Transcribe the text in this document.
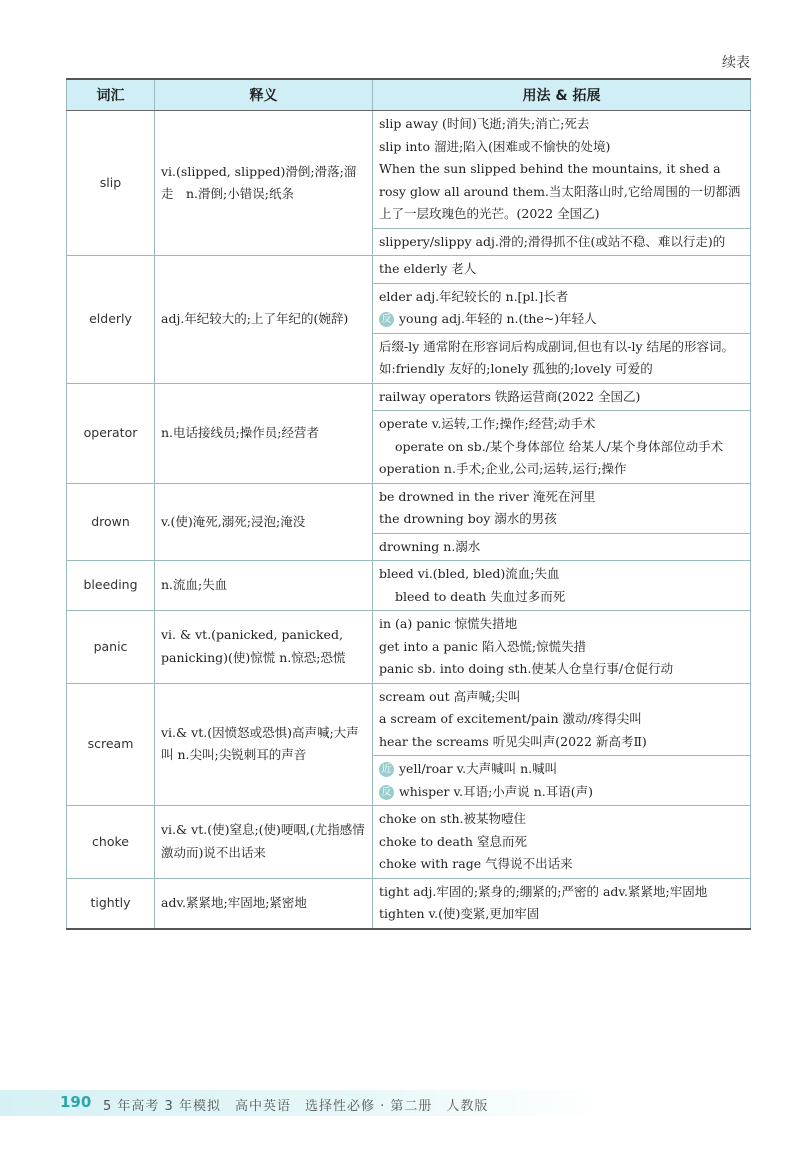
续表
词汇	释义	用法 & 拓展
slip	vi.(slipped, slipped)滑倒;滑落;溜走　n.滑倒;小错误;纸条	slip away (时间)飞逝;消失;消亡;死去
slip into 溜进;陷入(困难或不愉快的处境)
When the sun slipped behind the mountains, it shed a rosy glow all around them.当太阳落山时,它给周围的一切都洒上了一层玫瑰色的光芒。(2022 全国乙)
slippery/slippy adj.滑的;滑得抓不住(或站不稳、难以行走)的

elderly	adj.年纪较大的;上了年纪的(婉辞)	the elderly 老人
elder adj.年纪较长的 n.[pl.]长者
反 young adj.年轻的 n.(the~)年轻人
后缀-ly 通常附在形容词后构成副词,但也有以-ly 结尾的形容词。如:friendly 友好的;lonely 孤独的;lovely 可爱的

operator	n.电话接线员;操作员;经营者	railway operators 铁路运营商(2022 全国乙)
operate v.运转,工作;操作;经营;动手术
operate on sb./某个身体部位 给某人/某个身体部位动手术
operation n.手术;企业,公司;运转,运行;操作

drown	v.(使)淹死,溺死;浸泡;淹没	be drowned in the river 淹死在河里
the drowning boy 溺水的男孩
drowning n.溺水

bleeding	n.流血;失血	bleed vi.(bled, bled)流血;失血
bleed to death 失血过多而死

panic	vi. & vt.(panicked, panicked, panicking)(使)惊慌 n.惊恐;恐慌	in (a) panic 惊慌失措地
get into a panic 陷入恐慌;惊慌失措
panic sb. into doing sth.使某人仓皇行事/仓促行动

scream	vi.& vt.(因愤怒或恐惧)高声喊;大声叫 n.尖叫;尖锐刺耳的声音	scream out 高声喊;尖叫
a scream of excitement/pain 激动/疼得尖叫
hear the screams 听见尖叫声(2022 新高考Ⅱ)
近 yell/roar v.大声喊叫 n.喊叫
反 whisper v.耳语;小声说 n.耳语(声)

choke	vi.& vt.(使)窒息;(使)哽咽,(尤指感情激动而)说不出话来	choke on sth.被某物噎住
choke to death 窒息而死
choke with rage 气得说不出话来

tightly	adv.紧紧地;牢固地;紧密地	tight adj.牢固的;紧身的;绷紧的;严密的 adv.紧紧地;牢固地
tighten v.(使)变紧,更加牢固
190 5 年高考 3 年模拟　高中英语　选择性必修 · 第二册　人教版
